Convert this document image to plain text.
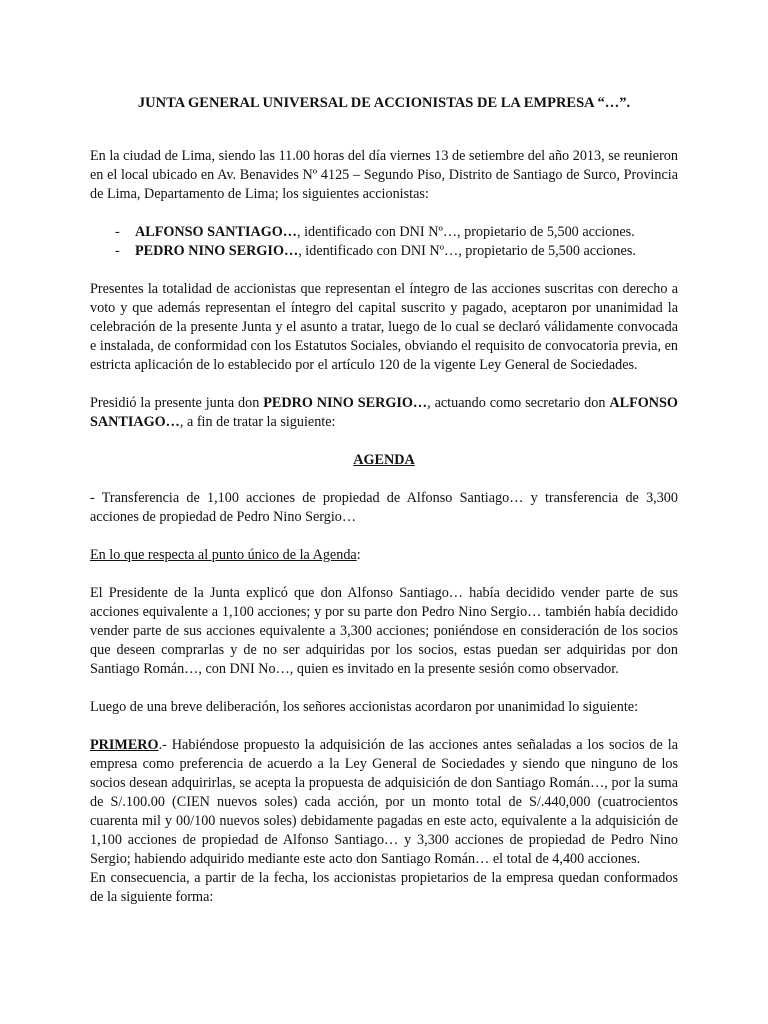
JUNTA GENERAL UNIVERSAL DE ACCIONISTAS DE LA EMPRESA “…”.

En la ciudad de Lima, siendo las 11.00 horas del día viernes 13 de setiembre del año 2013, se reunieron en el local ubicado en Av. Benavides Nº 4125 – Segundo Piso, Distrito de Santiago de Surco, Provincia de Lima, Departamento de Lima; los siguientes accionistas:

- ALFONSO SANTIAGO…, identificado con DNI Nº…, propietario de 5,500 acciones.
- PEDRO NINO SERGIO…, identificado con DNI Nº…, propietario de 5,500 acciones.

Presentes la totalidad de accionistas que representan el íntegro de las acciones suscritas con derecho a voto y que además representan el íntegro del capital suscrito y pagado, aceptaron por unanimidad la celebración de la presente Junta y el asunto a tratar, luego de lo cual se declaró válidamente convocada e instalada, de conformidad con los Estatutos Sociales, obviando el requisito de convocatoria previa, en estricta aplicación de lo establecido por el artículo 120 de la vigente Ley General de Sociedades.

Presidió la presente junta don PEDRO NINO SERGIO…, actuando como secretario don ALFONSO SANTIAGO…, a fin de tratar la siguiente:

AGENDA

- Transferencia de 1,100 acciones de propiedad de Alfonso Santiago… y transferencia de 3,300 acciones de propiedad de Pedro Nino Sergio…

En lo que respecta al punto único de la Agenda:

El Presidente de la Junta explicó que don Alfonso Santiago… había decidido vender parte de sus acciones equivalente a 1,100 acciones; y por su parte don Pedro Nino Sergio… también había decidido vender parte de sus acciones equivalente a 3,300 acciones; poniéndose en consideración de los socios que deseen comprarlas y de no ser adquiridas por los socios, estas puedan ser adquiridas por don Santiago Román…, con DNI No…, quien es invitado en la presente sesión como observador.

Luego de una breve deliberación, los señores accionistas acordaron por unanimidad lo siguiente:

PRIMERO.- Habiéndose propuesto la adquisición de las acciones antes señaladas a los socios de la empresa como preferencia de acuerdo a la Ley General de Sociedades y siendo que ninguno de los socios desean adquirirlas, se acepta la propuesta de adquisición de don Santiago Román…, por la suma de S/.100.00 (CIEN nuevos soles) cada acción, por un monto total de S/.440,000 (cuatrocientos cuarenta mil y 00/100 nuevos soles) debidamente pagadas en este acto, equivalente a la adquisición de 1,100 acciones de propiedad de Alfonso Santiago… y 3,300 acciones de propiedad de Pedro Nino Sergio; habiendo adquirido mediante este acto don Santiago Román… el total de 4,400 acciones.

En consecuencia, a partir de la fecha, los accionistas propietarios de la empresa quedan conformados de la siguiente forma:
